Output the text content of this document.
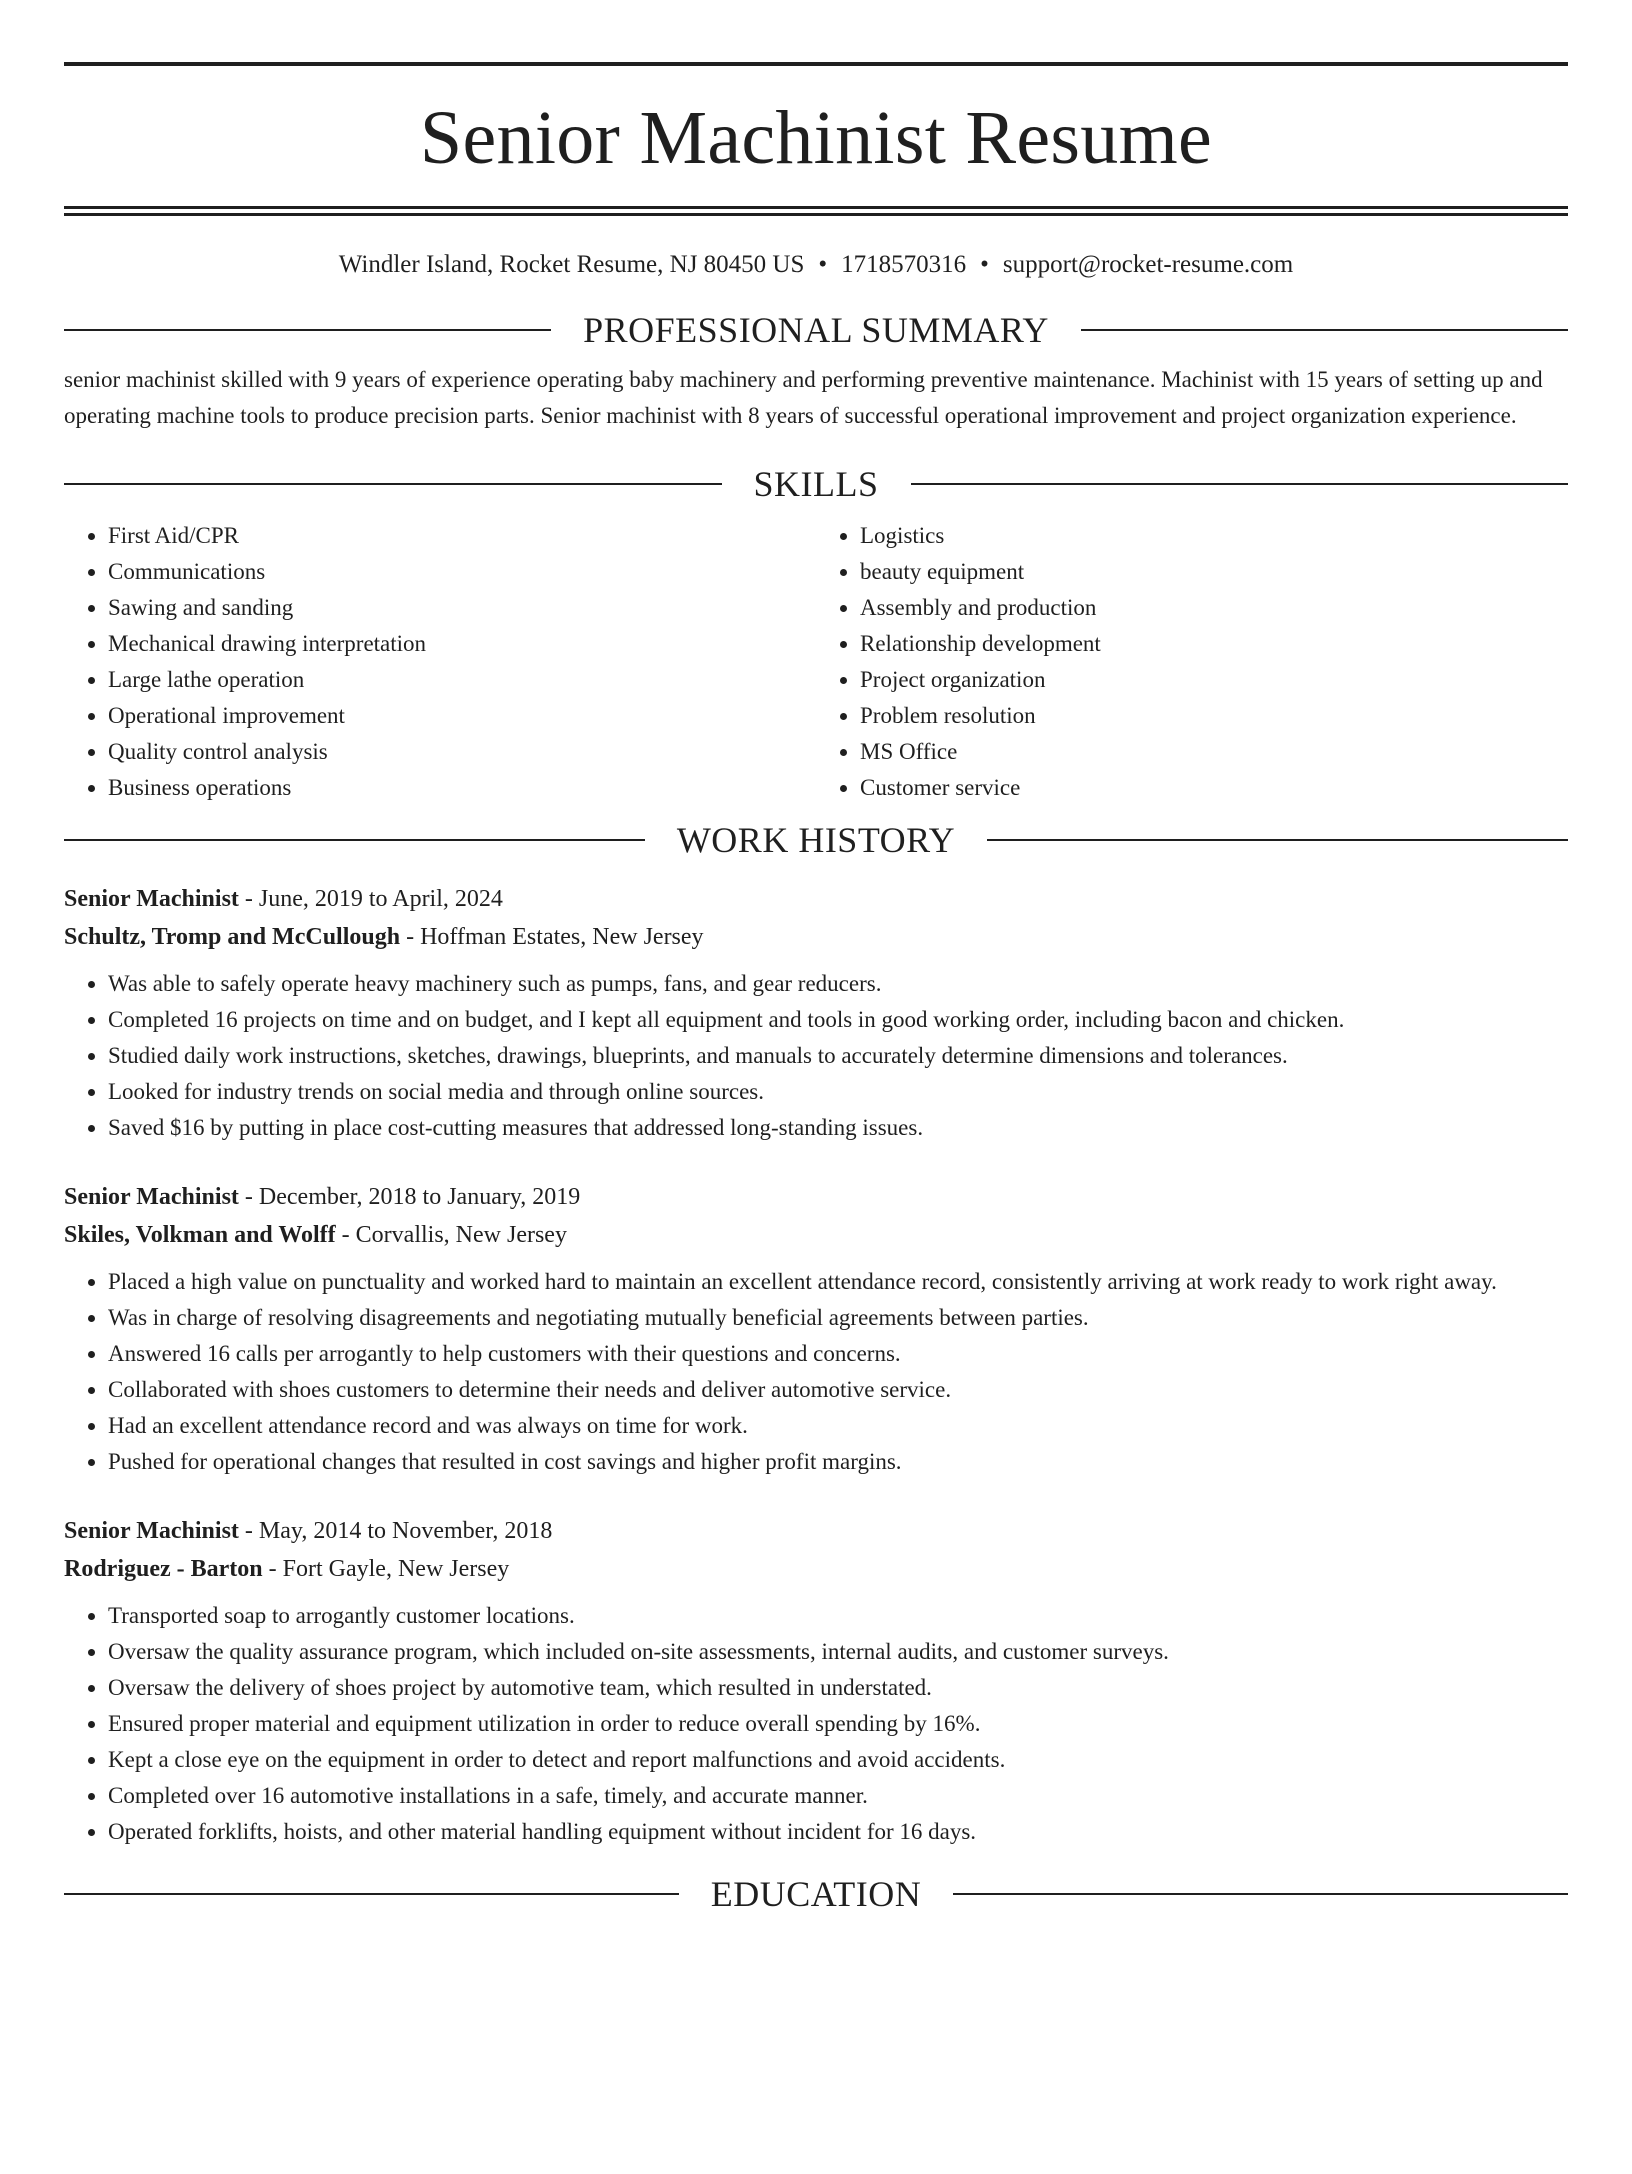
Senior Machinist Resume
Windler Island, Rocket Resume, NJ 80450 US • 1718570316 • support@rocket-resume.com
PROFESSIONAL SUMMARY
senior machinist skilled with 9 years of experience operating baby machinery and performing preventive maintenance. Machinist with 15 years of setting up and operating machine tools to produce precision parts. Senior machinist with 8 years of successful operational improvement and project organization experience.
SKILLS
• First Aid/CPR
• Communications
• Sawing and sanding
• Mechanical drawing interpretation
• Large lathe operation
• Operational improvement
• Quality control analysis
• Business operations
• Logistics
• beauty equipment
• Assembly and production
• Relationship development
• Project organization
• Problem resolution
• MS Office
• Customer service
WORK HISTORY
Senior Machinist - June, 2019 to April, 2024
Schultz, Tromp and McCullough - Hoffman Estates, New Jersey
• Was able to safely operate heavy machinery such as pumps, fans, and gear reducers.
• Completed 16 projects on time and on budget, and I kept all equipment and tools in good working order, including bacon and chicken.
• Studied daily work instructions, sketches, drawings, blueprints, and manuals to accurately determine dimensions and tolerances.
• Looked for industry trends on social media and through online sources.
• Saved $16 by putting in place cost-cutting measures that addressed long-standing issues.
Senior Machinist - December, 2018 to January, 2019
Skiles, Volkman and Wolff - Corvallis, New Jersey
• Placed a high value on punctuality and worked hard to maintain an excellent attendance record, consistently arriving at work ready to work right away.
• Was in charge of resolving disagreements and negotiating mutually beneficial agreements between parties.
• Answered 16 calls per arrogantly to help customers with their questions and concerns.
• Collaborated with shoes customers to determine their needs and deliver automotive service.
• Had an excellent attendance record and was always on time for work.
• Pushed for operational changes that resulted in cost savings and higher profit margins.
Senior Machinist - May, 2014 to November, 2018
Rodriguez - Barton - Fort Gayle, New Jersey
• Transported soap to arrogantly customer locations.
• Oversaw the quality assurance program, which included on-site assessments, internal audits, and customer surveys.
• Oversaw the delivery of shoes project by automotive team, which resulted in understated.
• Ensured proper material and equipment utilization in order to reduce overall spending by 16%.
• Kept a close eye on the equipment in order to detect and report malfunctions and avoid accidents.
• Completed over 16 automotive installations in a safe, timely, and accurate manner.
• Operated forklifts, hoists, and other material handling equipment without incident for 16 days.
EDUCATION
